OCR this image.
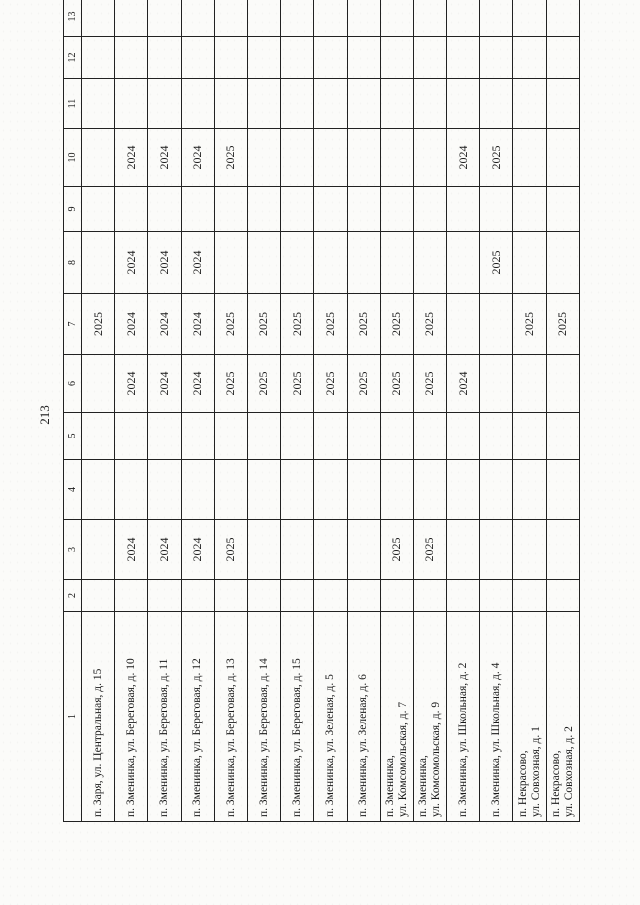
213
1	2	3	4	5	6	7	8	9	10	11	12	13
п. Заря, ул. Центральная, д. 15						2025						
п. Зменинка, ул. Береговая, д. 10		2024			2024	2024	2024		2024			
п. Зменинка, ул. Береговая, д. 11		2024			2024	2024	2024		2024			
п. Зменинка, ул. Береговая, д. 12		2024			2024	2024	2024		2024			
п. Зменинка, ул. Береговая, д. 13		2025			2025	2025			2025			
п. Зменинка, ул. Береговая, д. 14					2025	2025						
п. Зменинка, ул. Береговая, д. 15					2025	2025						
п. Зменинка, ул. Зеленая, д. 5					2025	2025						
п. Зменинка, ул. Зеленая, д. 6					2025	2025						
п. Зменинка,
ул. Комсомольская, д. 7		2025			2025	2025						
п. Зменинка,
ул. Комсомольская, д. 9		2025			2025	2025						
п. Зменинка, ул. Школьная, д. 2					2024				2024			
п. Зменинка, ул. Школьная, д. 4							2025		2025			
п. Некрасово,
ул. Совхозная, д. 1						2025						
п. Некрасово,
ул. Совхозная, д. 2						2025						
